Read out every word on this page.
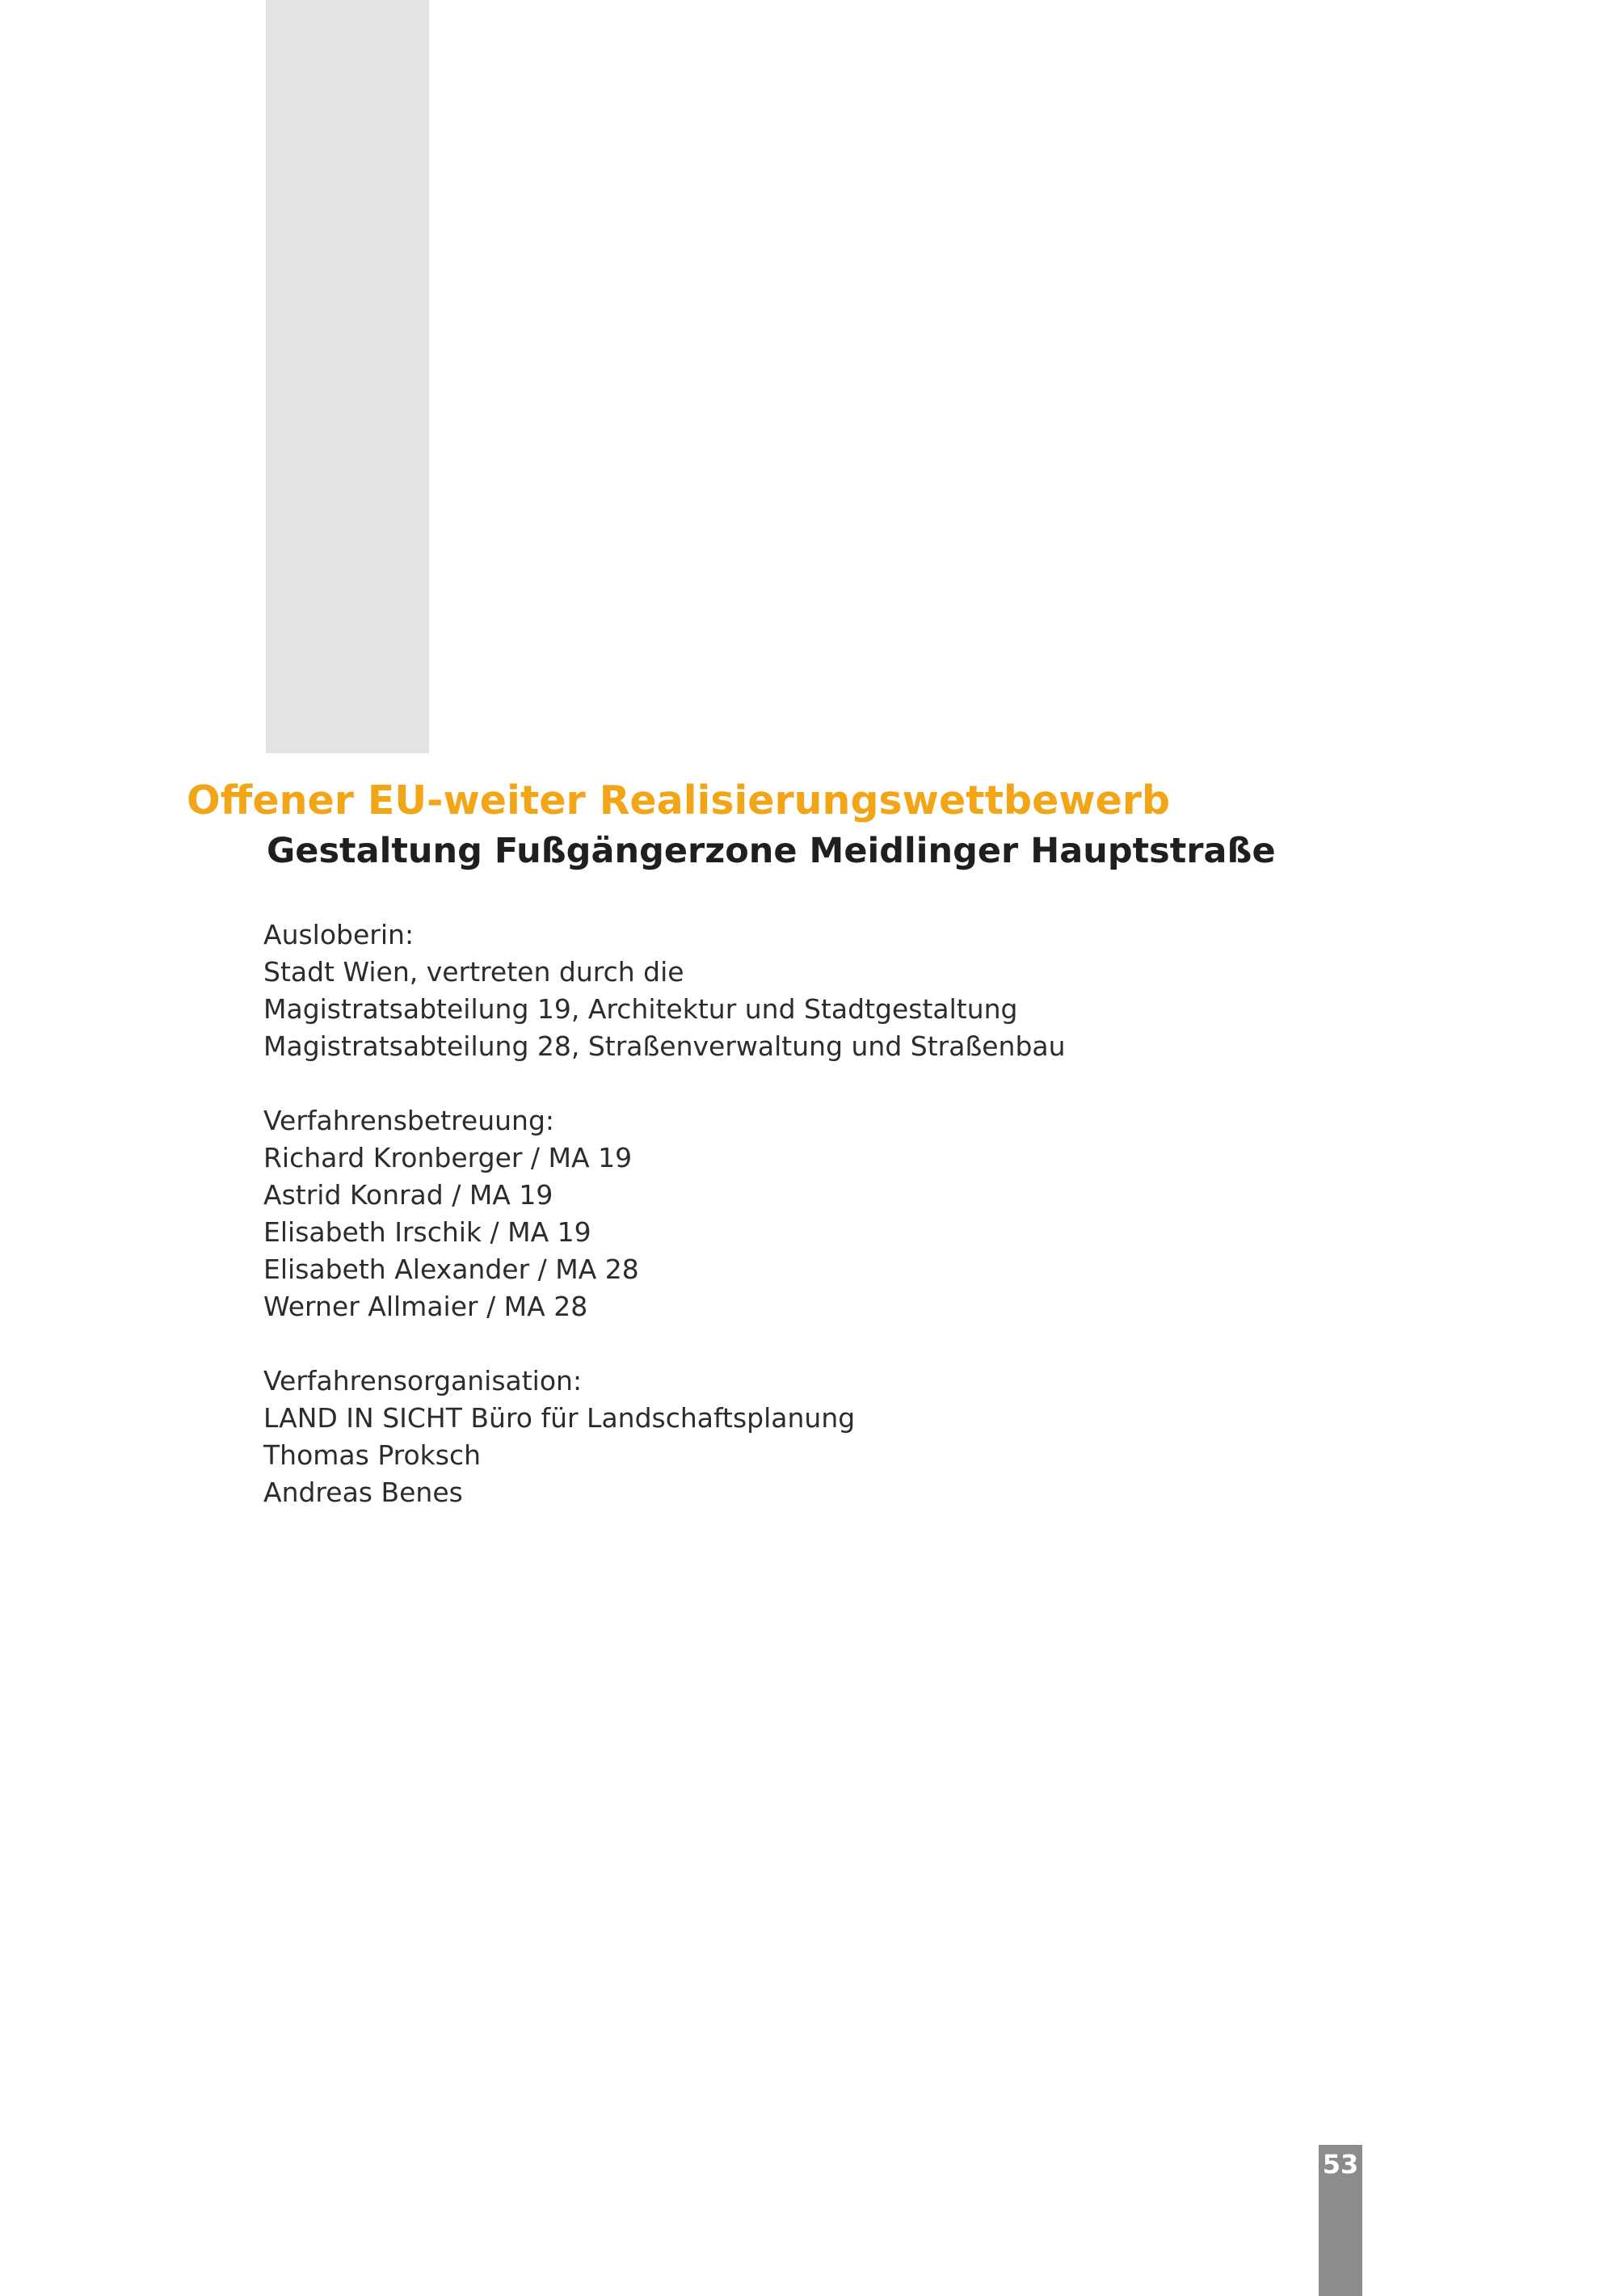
Offener EU-weiter Realisierungswettbewerb
Gestaltung Fußgängerzone Meidlinger Hauptstraße
Ausloberin:
Stadt Wien, vertreten durch die
Magistratsabteilung 19, Architektur und Stadtgestaltung
Magistratsabteilung 28, Straßenverwaltung und Straßenbau
Verfahrensbetreuung:
Richard Kronberger / MA 19
Astrid Konrad / MA 19
Elisabeth Irschik / MA 19
Elisabeth Alexander / MA 28
Werner Allmaier / MA 28
Verfahrensorganisation:
LAND IN SICHT Büro für Landschaftsplanung
Thomas Proksch
Andreas Benes
53
